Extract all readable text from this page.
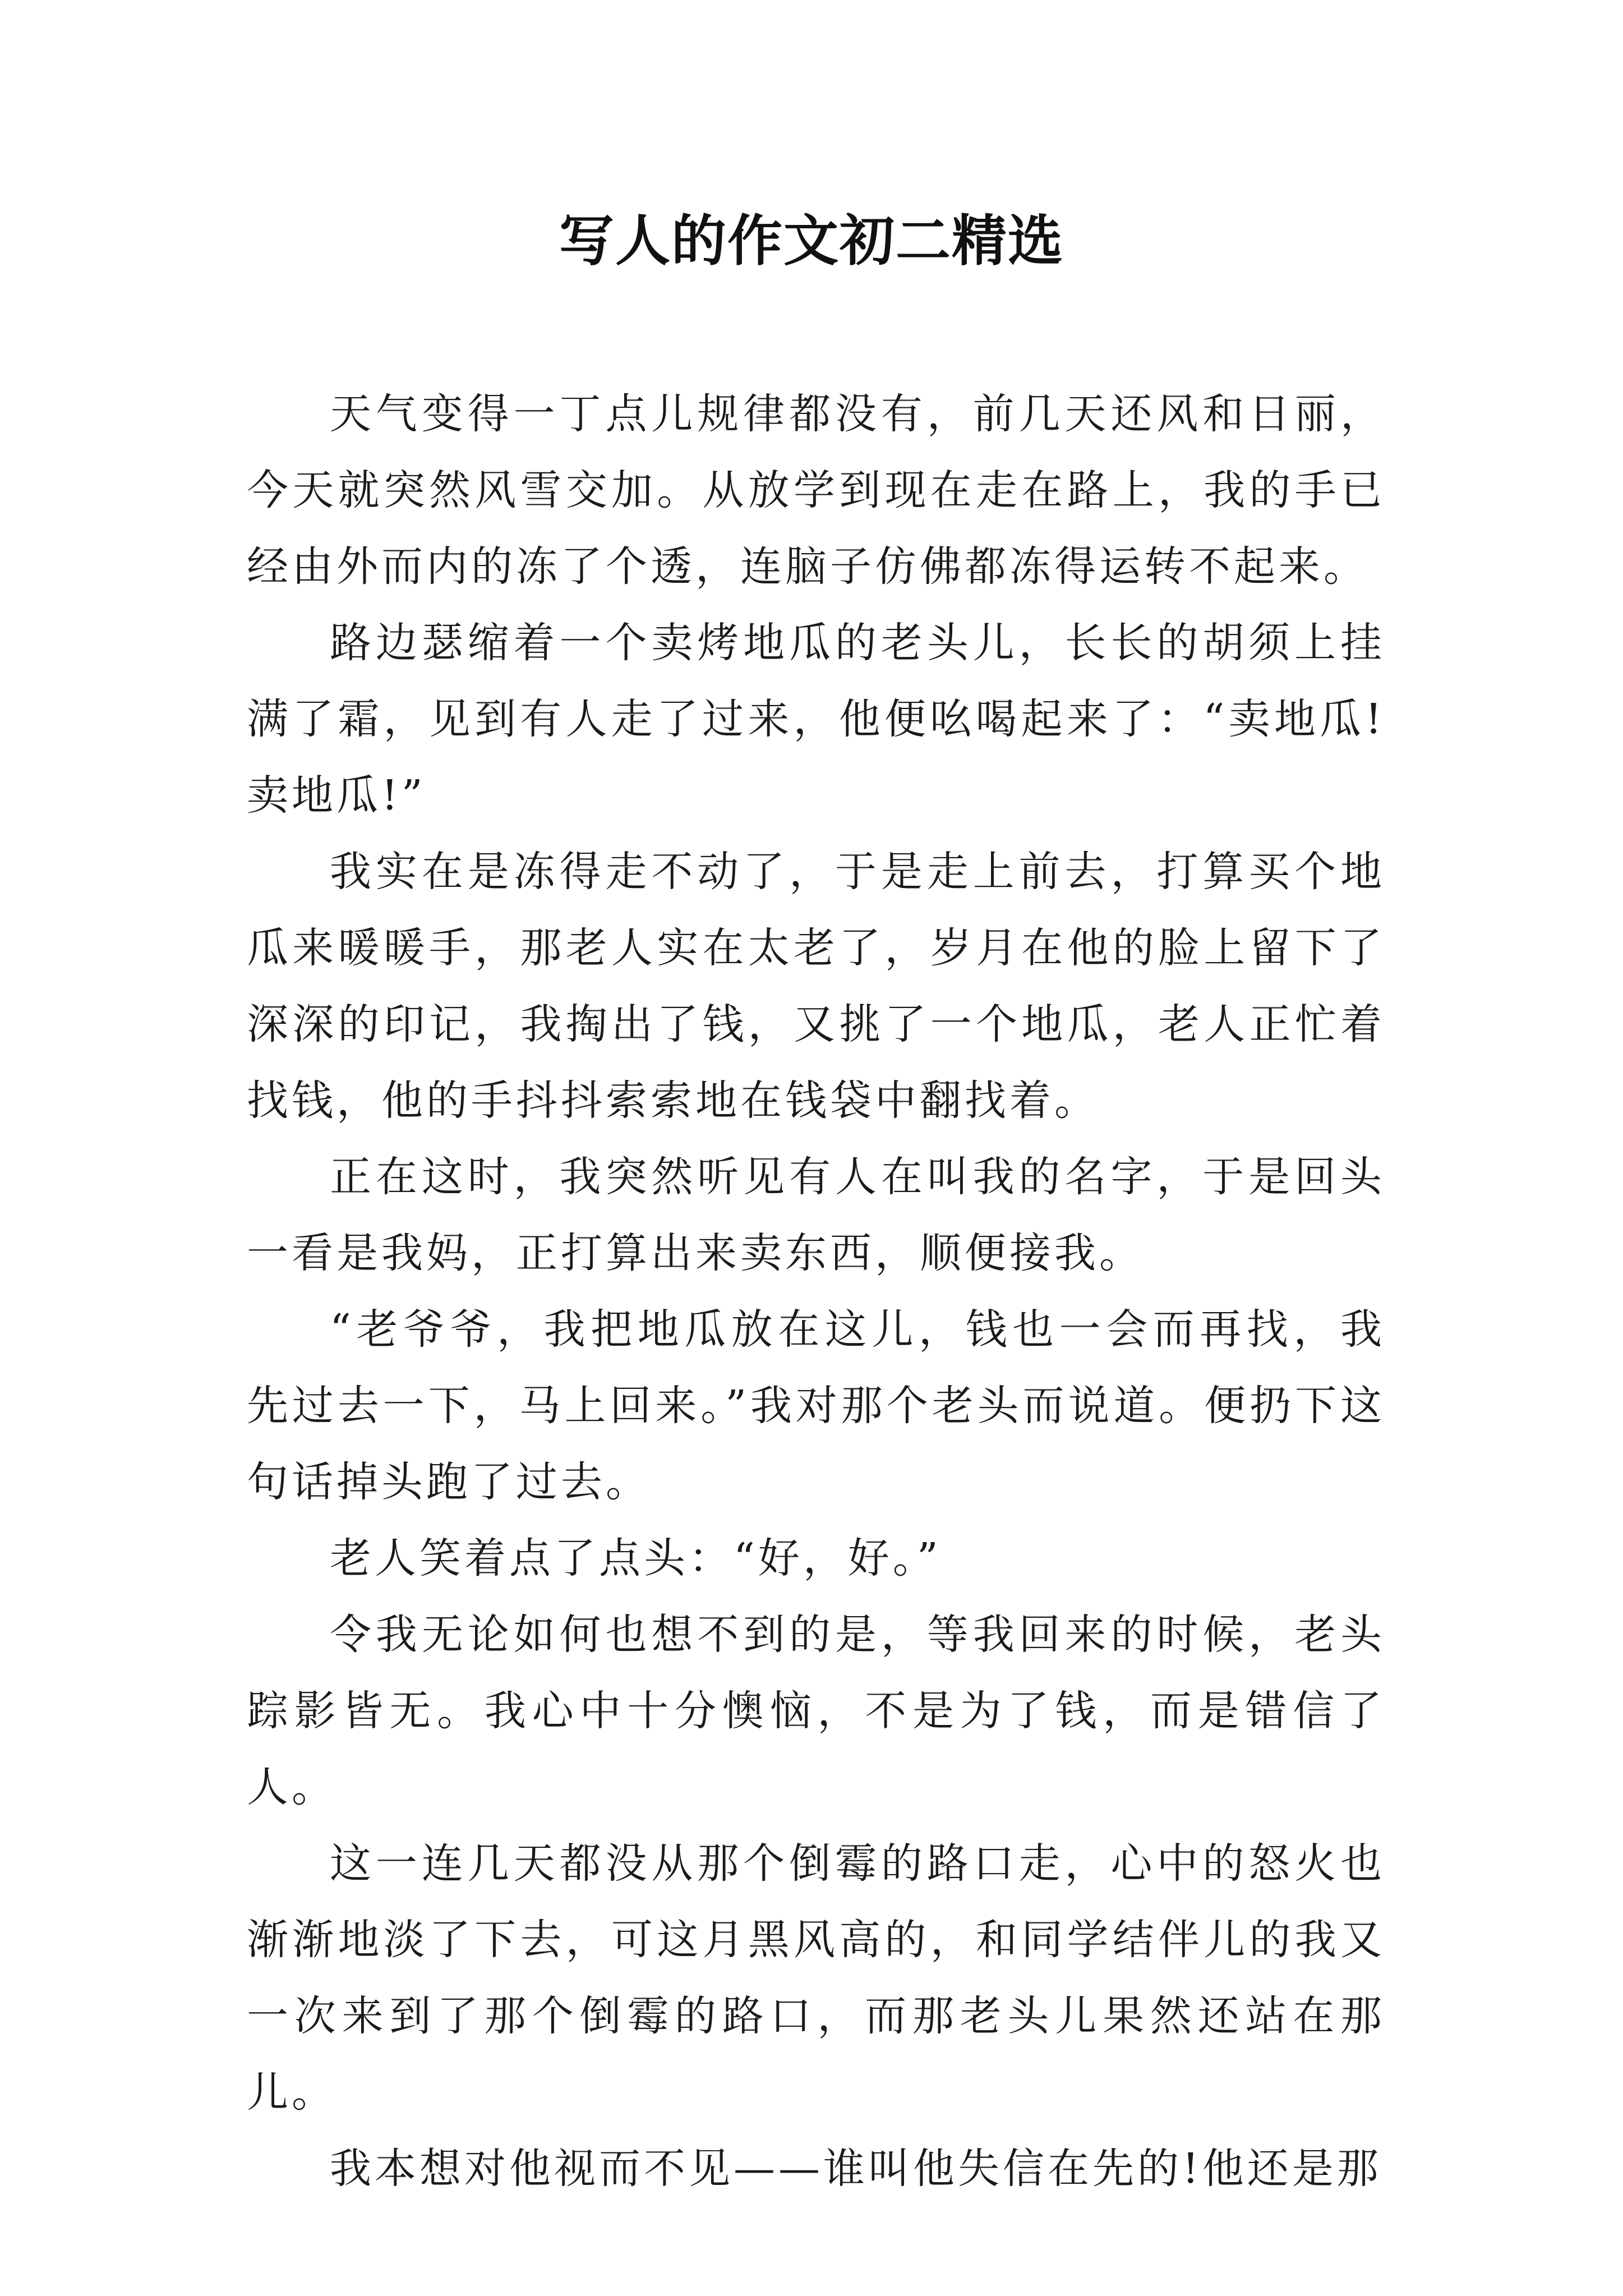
写人的作文初二精选

天气变得一丁点儿规律都没有，前几天还风和日丽，今天就突然风雪交加。从放学到现在走在路上，我的手已经由外而内的冻了个透，连脑子仿佛都冻得运转不起来。

路边瑟缩着一个卖烤地瓜的老头儿，长长的胡须上挂满了霜，见到有人走了过来，他便吆喝起来了：“卖地瓜!卖地瓜!”

我实在是冻得走不动了，于是走上前去，打算买个地瓜来暖暖手，那老人实在太老了，岁月在他的脸上留下了深深的印记，我掏出了钱，又挑了一个地瓜，老人正忙着找钱，他的手抖抖索索地在钱袋中翻找着。

正在这时，我突然听见有人在叫我的名字，于是回头一看是我妈，正打算出来卖东西，顺便接我。

“老爷爷，我把地瓜放在这儿，钱也一会而再找，我先过去一下，马上回来。”我对那个老头而说道。便扔下这句话掉头跑了过去。

老人笑着点了点头：“好，好。”

令我无论如何也想不到的是，等我回来的时候，老头踪影皆无。我心中十分懊恼，不是为了钱，而是错信了人。

这一连几天都没从那个倒霉的路口走，心中的怒火也渐渐地淡了下去，可这月黑风高的，和同学结伴儿的我又一次来到了那个倒霉的路口，而那老头儿果然还站在那儿。

我本想对他视而不见——谁叫他失信在先的!他还是那
